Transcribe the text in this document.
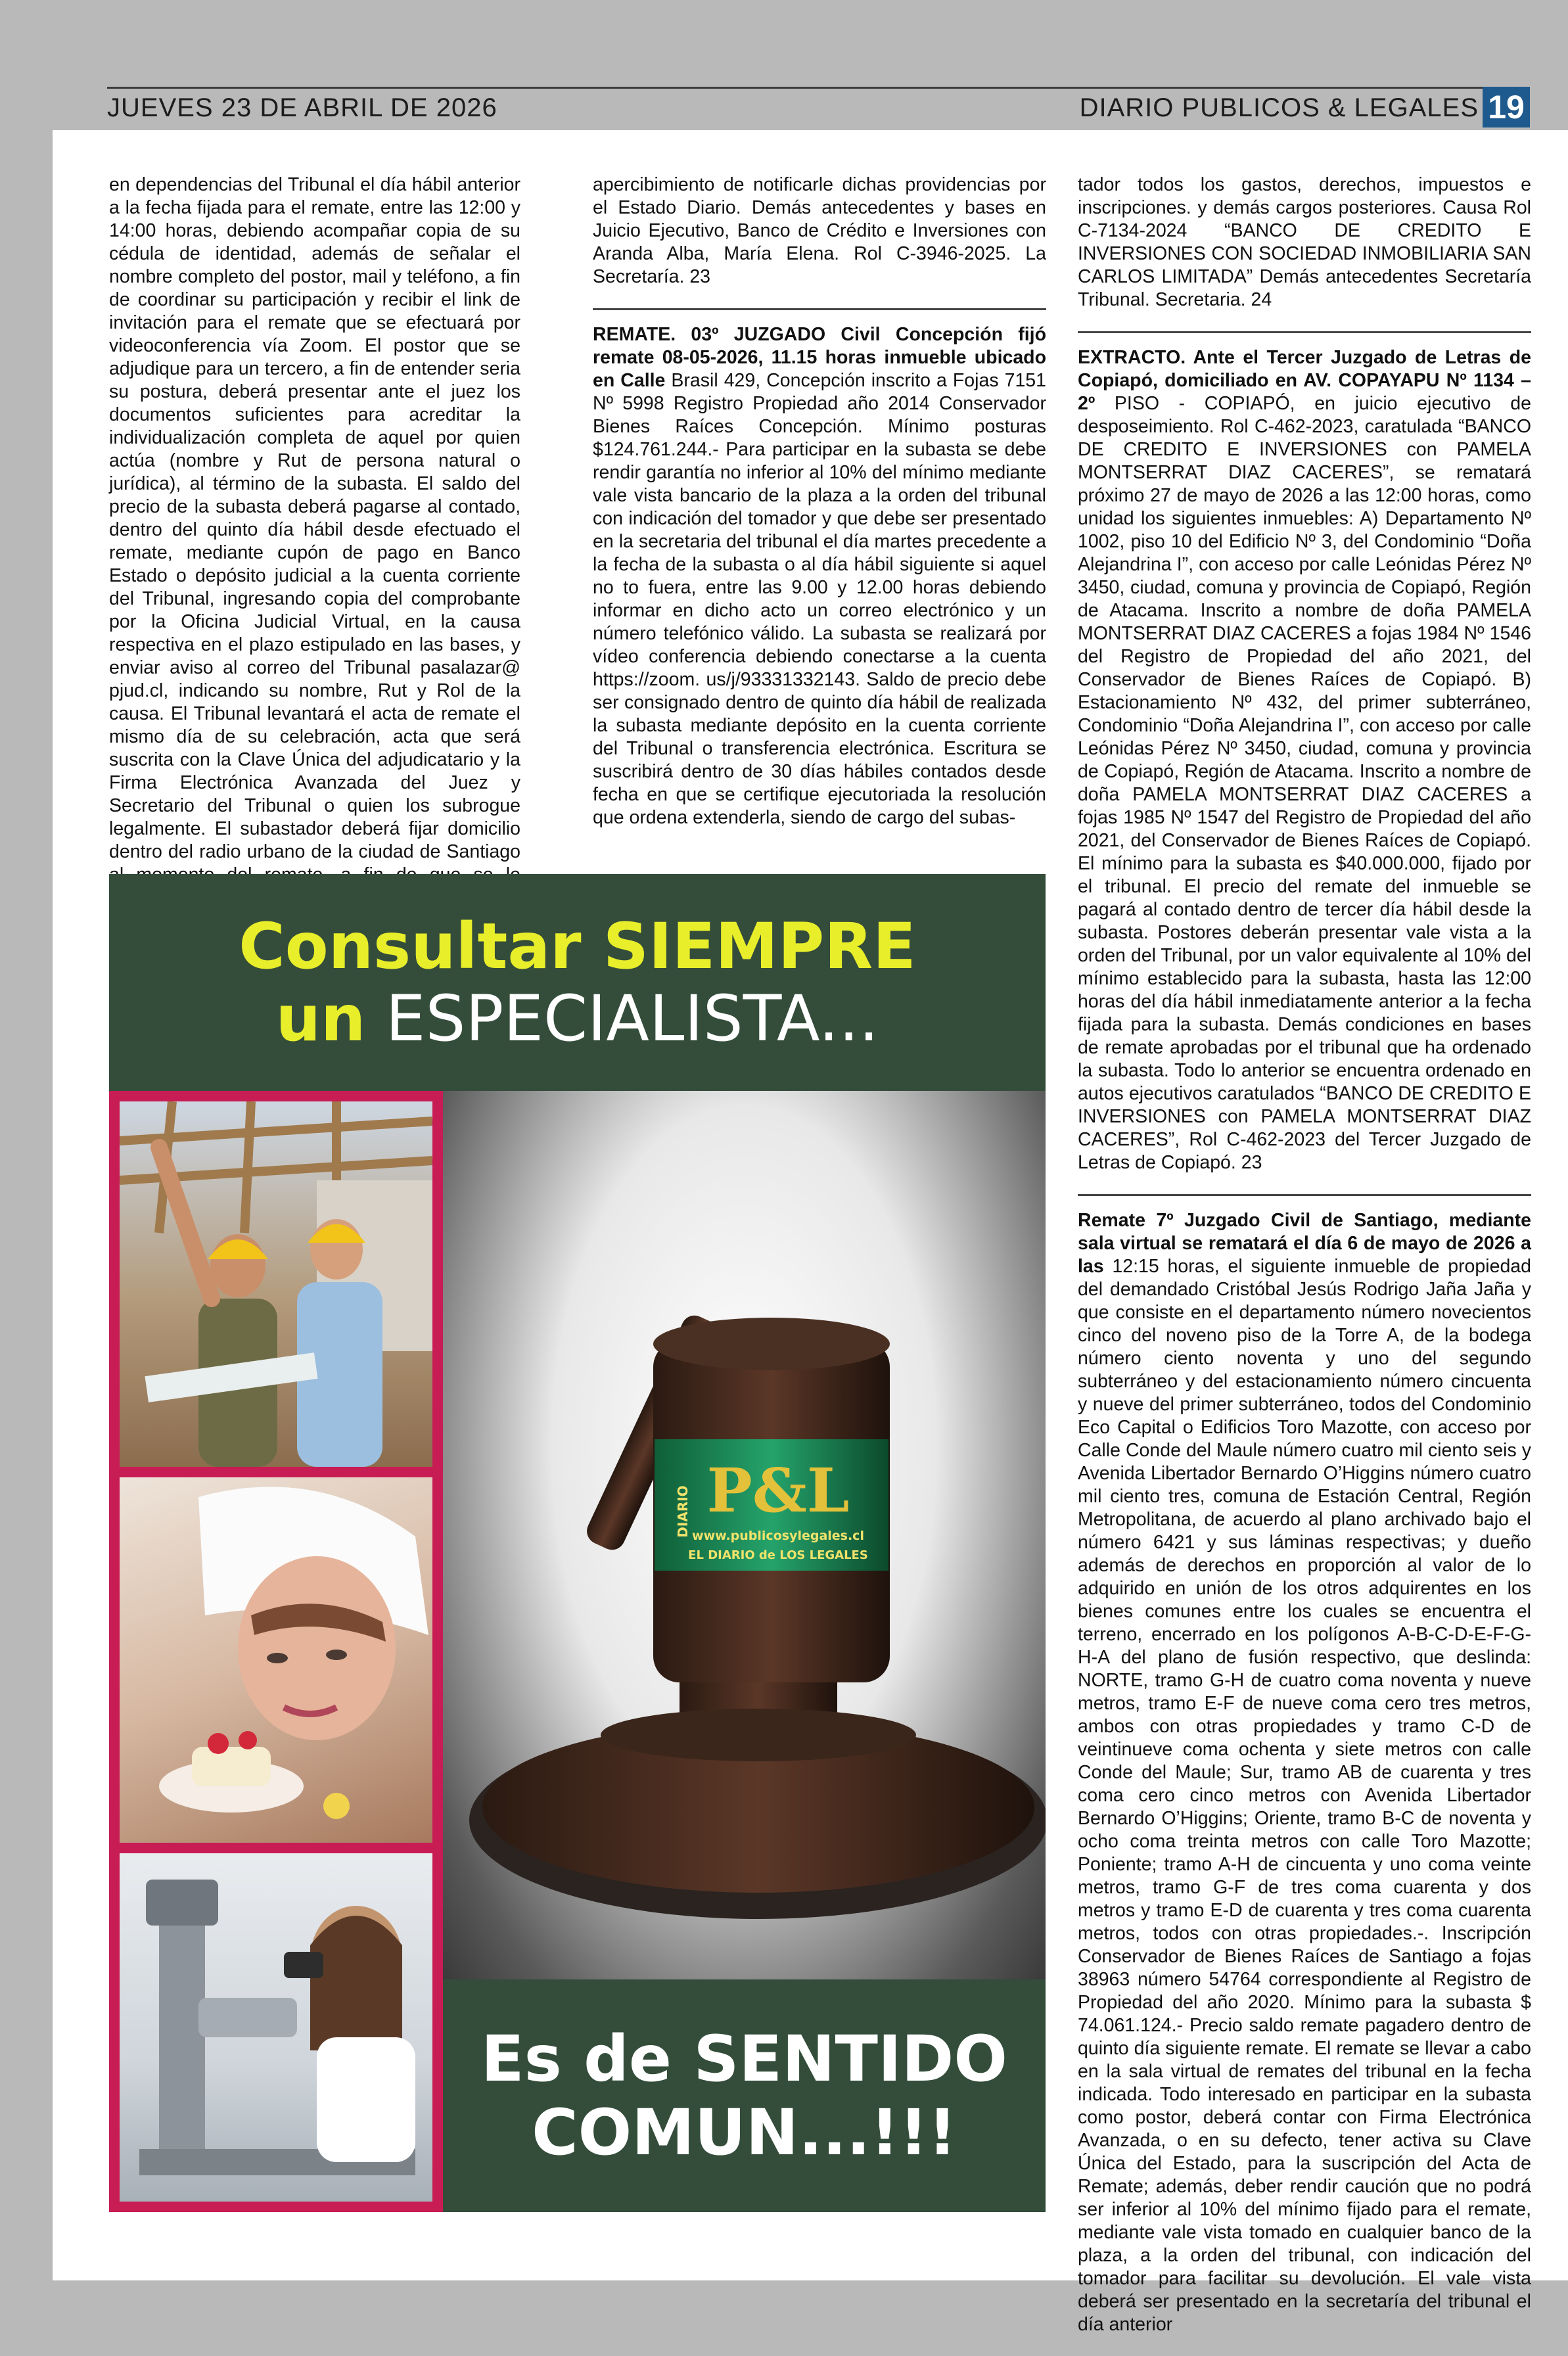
JUEVES 23 DE ABRIL DE 2026	DIARIO PUBLICOS & LEGALES 19

en dependencias del Tribunal el día hábil anterior a la fecha fijada para el remate, entre las 12:00 y 14:00 horas, debiendo acompañar copia de su cédula de identidad, además de señalar el nombre completo del postor, mail y teléfono, a fin de coordinar su participación y recibir el link de invitación para el remate que se efectuará por videoconferencia vía Zoom. El postor que se adjudique para un tercero, a fin de entender seria su postura, deberá presentar ante el juez los documentos suficientes para acreditar la individualización completa de aquel por quien actúa (nombre y Rut de persona natural o jurídica), al término de la subasta. El saldo del precio de la subasta deberá pagarse al contado, dentro del quinto día hábil desde efectuado el remate, mediante cupón de pago en Banco Estado o depósito judicial a la cuenta corriente del Tribunal, ingresando copia del comprobante por la Oficina Judicial Virtual, en la causa respectiva en el plazo estipulado en las bases, y enviar aviso al correo del Tribunal pasalazar@ pjud.cl, indicando su nombre, Rut y Rol de la causa. El Tribunal levantará el acta de remate el mismo día de su celebración, acta que será suscrita con la Clave Única del adjudicatario y la Firma Electrónica Avanzada del Juez y Secretario del Tribunal o quien los subrogue legalmente. El subastador deberá fijar domicilio dentro del radio urbano de la ciudad de Santiago

apercibimiento de notificarle dichas providencias por el Estado Diario. Demás antecedentes y bases en Juicio Ejecutivo, Banco de Crédito e Inversiones con Aranda Alba, María Elena. Rol C-3946-2025. La Secretaría. 23

REMATE. 03º JUZGADO Civil Concepción fijó remate 08-05-2026, 11.15 horas inmueble ubicado en Calle Brasil 429, Concepción inscrito a Fojas 7151 Nº 5998 Registro Propiedad año 2014 Conservador Bienes Raíces Concepción. Mínimo posturas $124.761.244.- Para participar en la subasta se debe rendir garantía no inferior al 10% del mínimo mediante vale vista bancario de la plaza a la orden del tribunal con indicación del tomador y que debe ser presentado en la secretaria del tribunal el día martes precedente a la fecha de la subasta o al día hábil siguiente si aquel no to fuera, entre las 9.00 y 12.00 horas debiendo informar en dicho acto un correo electrónico y un número telefónico válido. La subasta se realizará por vídeo conferencia debiendo conectarse a la cuenta https://zoom. us/j/93331332143. Saldo de precio debe ser consignado dentro de quinto día hábil de realizada la subasta mediante depósito en la cuenta corriente del Tribunal o transferencia electrónica. Escritura se suscribirá dentro de 30 días hábiles contados desde fecha en que se certifique ejecutoriada la resolución que ordena extenderla, siendo de cargo del subas-

tador todos los gastos, derechos, impuestos e inscripciones. y demás cargos posteriores. Causa Rol C-7134-2024 “BANCO DE CREDITO E INVERSIONES CON SOCIEDAD INMOBILIARIA SAN CARLOS LIMITADA” Demás antecedentes Secretaría Tribunal. Secretaria. 24

EXTRACTO. Ante el Tercer Juzgado de Letras de Copiapó, domiciliado en AV. COPAYAPU Nº 1134 – 2º PISO - COPIAPÓ, en juicio ejecutivo de desposeimiento. Rol C-462-2023, caratulada “BANCO DE CREDITO E INVERSIONES con PAMELA MONTSERRAT DIAZ CACERES”, se rematará próximo 27 de mayo de 2026 a las 12:00 horas, como unidad los siguientes inmuebles: A) Departamento Nº 1002, piso 10 del Edificio Nº 3, del Condominio “Doña Alejandrina I”, con acceso por calle Leónidas Pérez Nº 3450, ciudad, comuna y provincia de Copiapó, Región de Atacama. Inscrito a nombre de doña PAMELA MONTSERRAT DIAZ CACERES a fojas 1984 Nº 1546 del Registro de Propiedad del año 2021, del Conservador de Bienes Raíces de Copiapó. B) Estacionamiento Nº 432, del primer subterráneo, Condominio “Doña Alejandrina I”, con acceso por calle Leónidas Pérez Nº 3450, ciudad, comuna y provincia de Copiapó, Región de Atacama. Inscrito a nombre de doña PAMELA MONTSERRAT DIAZ CACERES a fojas 1985 Nº 1547 del Registro de Propiedad del año 2021, del Conservador de Bienes Raíces de Copiapó. El mínimo para la subasta es $40.000.000, fijado por el tribunal. El precio del remate del inmueble se pagará al contado dentro de tercer día hábil desde la subasta. Postores deberán presentar vale vista a la orden del Tribunal, por un valor equivalente al 10% del mínimo establecido para la subasta, hasta las 12:00 horas del día hábil inmediatamente anterior a la fecha fijada para la subasta. Demás condiciones en bases de remate aprobadas por el tribunal que ha ordenado la subasta. Todo lo anterior se encuentra ordenado en autos ejecutivos caratulados “BANCO DE CREDITO E INVERSIONES con PAMELA MONTSERRAT DIAZ CACERES”, Rol C-462-2023 del Tercer Juzgado de Letras de Copiapó. 23

Remate 7º Juzgado Civil de Santiago, mediante sala virtual se rematará el día 6 de mayo de 2026 a las 12:15 horas, el siguiente inmueble de propiedad del demandado Cristóbal Jesús Rodrigo Jaña Jaña y que consiste en el departamento número novecientos cinco del noveno piso de la Torre A, de la bodega número ciento noventa y uno del segundo subterráneo y del estacionamiento número cincuenta y nueve del primer subterráneo, todos del Condominio Eco Capital o Edificios Toro Mazotte, con acceso por Calle Conde del Maule número cuatro mil ciento seis y Avenida Libertador Bernardo O’Higgins número cuatro mil ciento tres, comuna de Estación Central, Región Metropolitana, de acuerdo al plano archivado bajo el número 6421 y sus láminas respectivas; y dueño además de derechos en proporción al valor de lo adquirido en unión de los otros adquirentes en los bienes comunes entre los cuales se encuentra el terreno, encerrado en los polígonos A-B-C-D-E-F-G-H-A del plano de fusión respectivo, que deslinda: NORTE, tramo G-H de cuatro coma noventa y nueve metros, tramo E-F de nueve coma cero tres metros, ambos con otras propiedades y tramo C-D de veintinueve coma ochenta y siete metros con calle Conde del Maule; Sur, tramo AB de cuarenta y tres coma cero cinco metros con Avenida Libertador Bernardo O’Higgins; Oriente, tramo B-C de noventa y ocho coma treinta metros con calle Toro Mazotte; Poniente; tramo A-H de cincuenta y uno coma veinte metros, tramo G-F de tres coma cuarenta y dos metros y tramo E-D de cuarenta y tres coma cuarenta metros, todos con otras propiedades.-. Inscripción Conservador de Bienes Raíces de Santiago a fojas 38963 número 54764 correspondiente al Registro de Propiedad del año 2020. Mínimo para la subasta $ 74.061.124.- Precio saldo remate pagadero dentro de quinto día siguiente remate. El remate se llevar a cabo en la sala virtual de remates del tribunal en la fecha indicada. Todo interesado en participar en la subasta como postor, deberá contar con Firma Electrónica Avanzada, o en su defecto, tener activa su Clave Única del Estado, para la suscripción del Acta de Remate; además, deber rendir caución que no podrá ser inferior al 10% del mínimo fijado para el remate, mediante vale vista tomado en cualquier banco de la plaza, a la orden del tribunal, con indicación del tomador para facilitar su devolución. El vale vista deberá ser presentado en la secretaría del tribunal el día anterior

Consultar SIEMPRE
un ESPECIALISTA...
P&L
www.publicosylegales.cl
EL DIARIO de LOS LEGALES
DIARIO
Es de SENTIDO
COMUN...!!!
